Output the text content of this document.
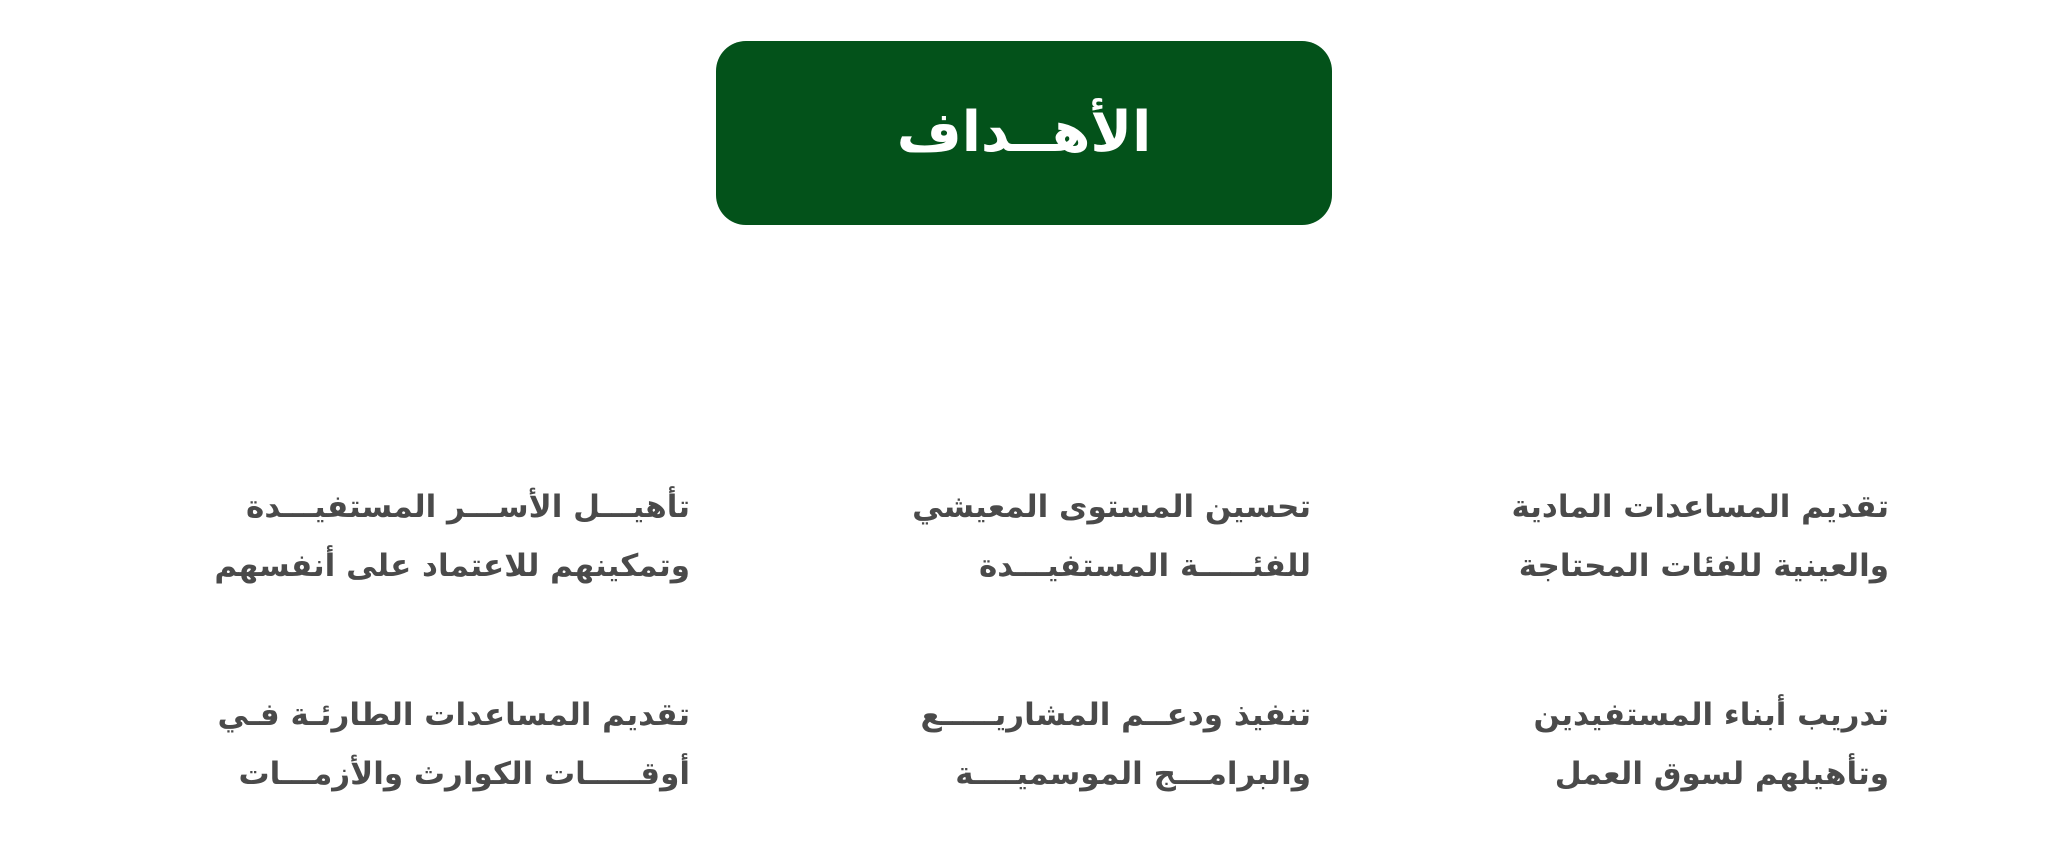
الأهــداف
تقديم المساعدات المادية
والعينية للفئات المحتاجة
تحسين المستوى المعيشي
للفئـــــة المستفيـــدة
تأهيـــل الأســـر المستفيـــدة
وتمكينهم للاعتماد على أنفسهم
تدريب أبناء المستفيدين
وتأهيلهم لسوق العمل
تنفيذ ودعــم المشاريـــــع
والبرامـــج الموسميــــة
تقديم المساعدات الطارئـة فـي
أوقـــــات الكوارث والأزمـــات
